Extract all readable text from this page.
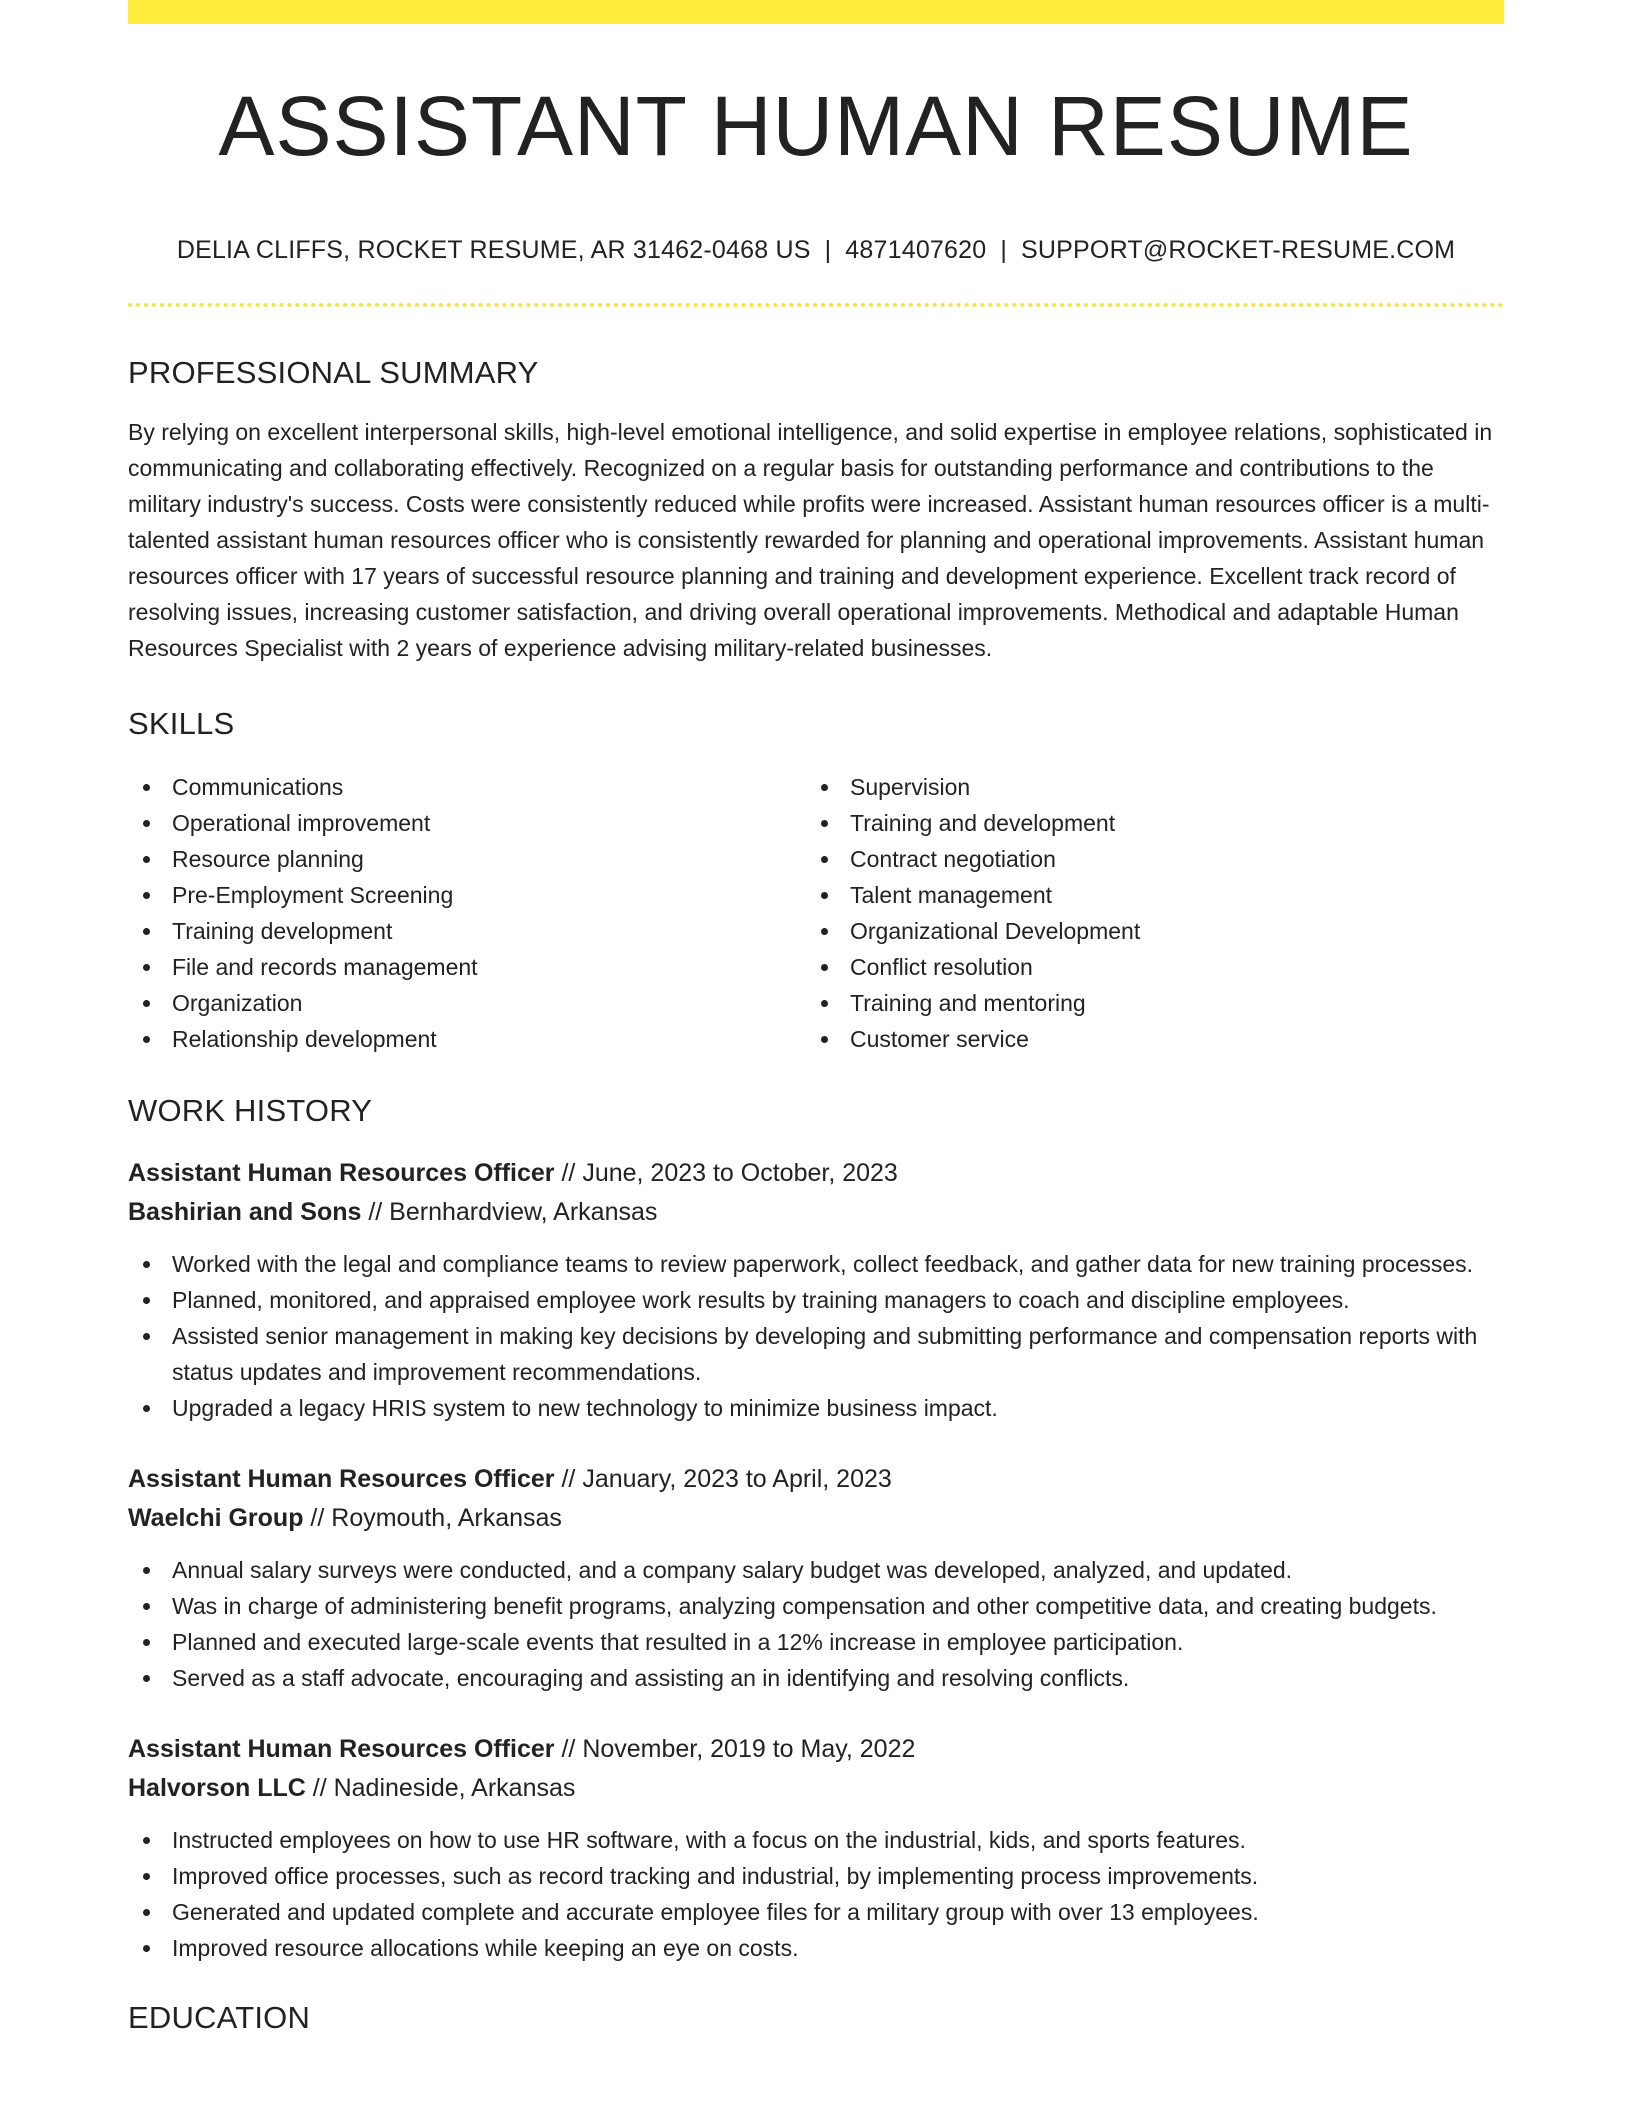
ASSISTANT HUMAN RESUME
DELIA CLIFFS, ROCKET RESUME, AR 31462-0468 US | 4871407620 | SUPPORT@ROCKET-RESUME.COM
PROFESSIONAL SUMMARY

By relying on excellent interpersonal skills, high-level emotional intelligence, and solid expertise in employee relations, sophisticated in communicating and collaborating effectively. Recognized on a regular basis for outstanding performance and contributions to the military industry's success. Costs were consistently reduced while profits were increased. Assistant human resources officer is a multi-talented assistant human resources officer who is consistently rewarded for planning and operational improvements. Assistant human resources officer with 17 years of successful resource planning and training and development experience. Excellent track record of resolving issues, increasing customer satisfaction, and driving overall operational improvements. Methodical and adaptable Human Resources Specialist with 2 years of experience advising military-related businesses.

SKILLS
Communications
Operational improvement
Resource planning
Pre-Employment Screening
Training development
File and records management
Organization
Relationship development
Supervision
Training and development
Contract negotiation
Talent management
Organizational Development
Conflict resolution
Training and mentoring
Customer service
WORK HISTORY
Assistant Human Resources Officer // June, 2023 to October, 2023
Bashirian and Sons // Bernhardview, Arkansas
Worked with the legal and compliance teams to review paperwork, collect feedback, and gather data for new training processes.
Planned, monitored, and appraised employee work results by training managers to coach and discipline employees.
Assisted senior management in making key decisions by developing and submitting performance and compensation reports with status updates and improvement recommendations.
Upgraded a legacy HRIS system to new technology to minimize business impact.
Assistant Human Resources Officer // January, 2023 to April, 2023
Waelchi Group // Roymouth, Arkansas
Annual salary surveys were conducted, and a company salary budget was developed, analyzed, and updated.
Was in charge of administering benefit programs, analyzing compensation and other competitive data, and creating budgets.
Planned and executed large-scale events that resulted in a 12% increase in employee participation.
Served as a staff advocate, encouraging and assisting an in identifying and resolving conflicts.
Assistant Human Resources Officer // November, 2019 to May, 2022
Halvorson LLC // Nadineside, Arkansas
Instructed employees on how to use HR software, with a focus on the industrial, kids, and sports features.
Improved office processes, such as record tracking and industrial, by implementing process improvements.
Generated and updated complete and accurate employee files for a military group with over 13 employees.
Improved resource allocations while keeping an eye on costs.
EDUCATION
